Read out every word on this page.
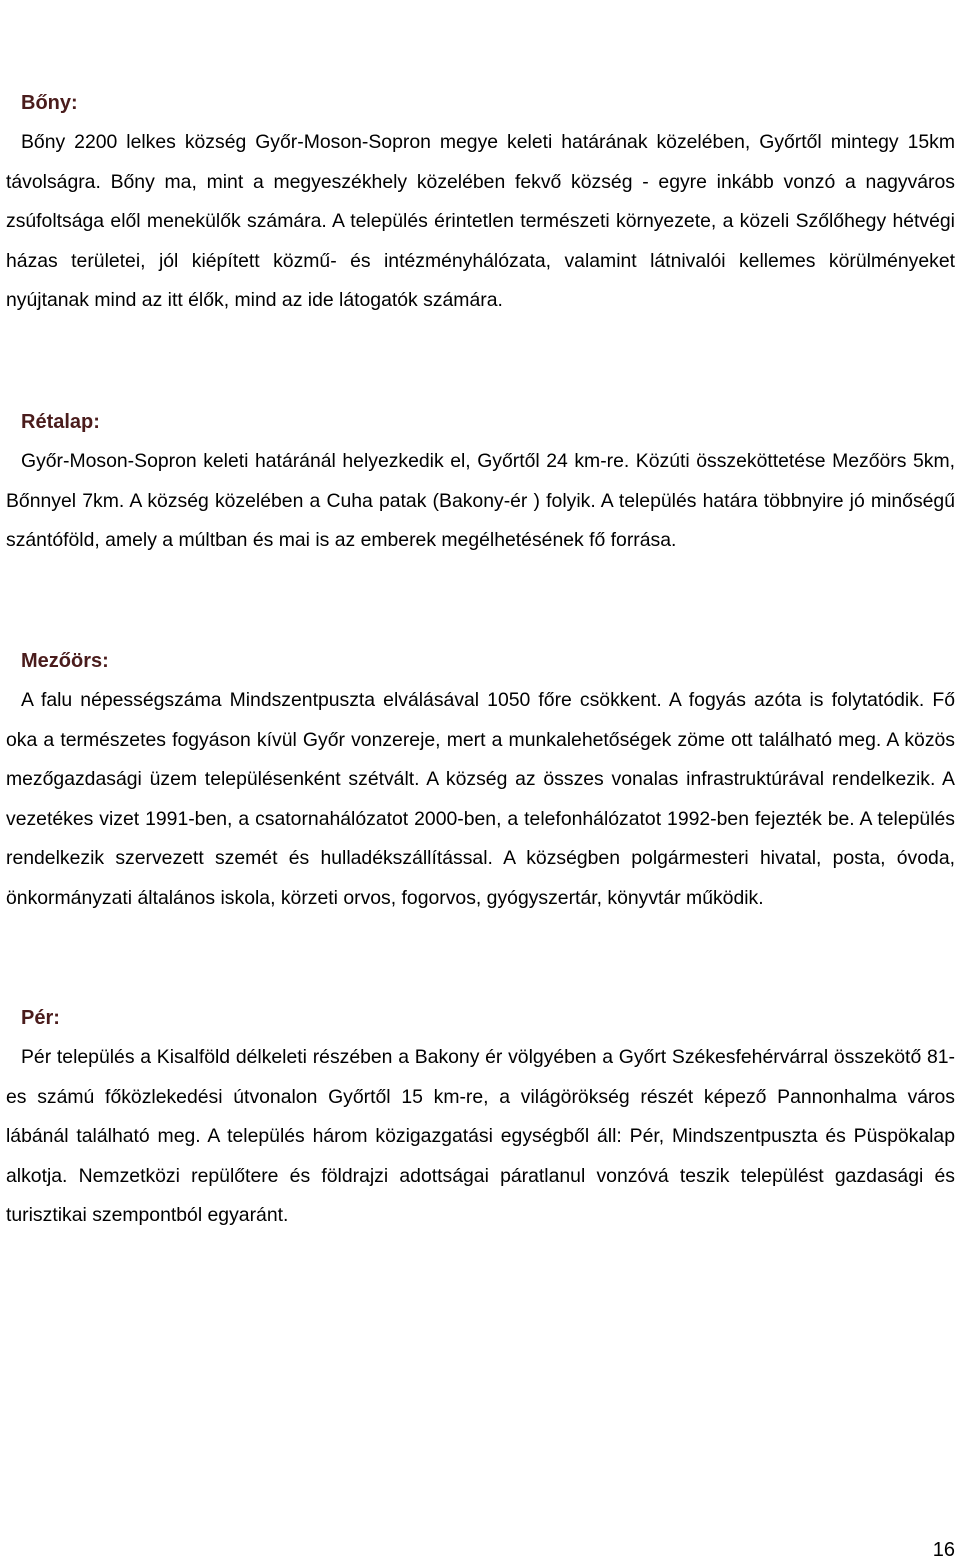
Bőny:

Bőny 2200 lelkes község Győr-Moson-Sopron megye keleti határának közelében, Győrtől mintegy 15km távolságra. Bőny ma, mint a megyeszékhely közelében fekvő község - egyre inkább vonzó a nagyváros zsúfoltsága elől menekülők számára. A település érintetlen természeti környezete, a közeli Szőlőhegy hétvégi házas területei, jól kiépített közmű- és intézményhálózata, valamint látnivalói kellemes körülményeket nyújtanak mind az itt élők, mind az ide látogatók számára.

Rétalap:

Győr-Moson-Sopron keleti határánál helyezkedik el, Győrtől 24 km-re. Közúti összeköttetése Mezőörs 5km, Bőnnyel 7km. A község közelében a Cuha patak (Bakony-ér ) folyik. A település határa többnyire jó minőségű szántóföld, amely a múltban és mai is az emberek megélhetésének fő forrása.

Mezőörs:

A falu népességszáma Mindszentpuszta elválásával 1050 főre csökkent. A fogyás azóta is folytatódik. Fő oka a természetes fogyáson kívül Győr vonzereje, mert a munkalehetőségek zöme ott található meg. A közös mezőgazdasági üzem településenként szétvált. A község az összes vonalas infrastruktúrával rendelkezik. A vezetékes vizet 1991-ben, a csatornahálózatot 2000-ben, a telefonhálózatot 1992-ben fejezték be. A település rendelkezik szervezett szemét és hulladékszállítással. A községben polgármesteri hivatal, posta, óvoda, önkormányzati általános iskola, körzeti orvos, fogorvos, gyógyszertár, könyvtár működik.

Pér:

Pér település a Kisalföld délkeleti részében a Bakony ér völgyében a Győrt Székesfehérvárral összekötő 81-es számú főközlekedési útvonalon Győrtől 15 km-re, a világörökség részét képező Pannonhalma város lábánál található meg. A település három közigazgatási egységből áll: Pér, Mindszentpuszta és Püspökalap alkotja. Nemzetközi repülőtere és földrajzi adottságai páratlanul vonzóvá teszik települést gazdasági és turisztikai szempontból egyaránt.

16
